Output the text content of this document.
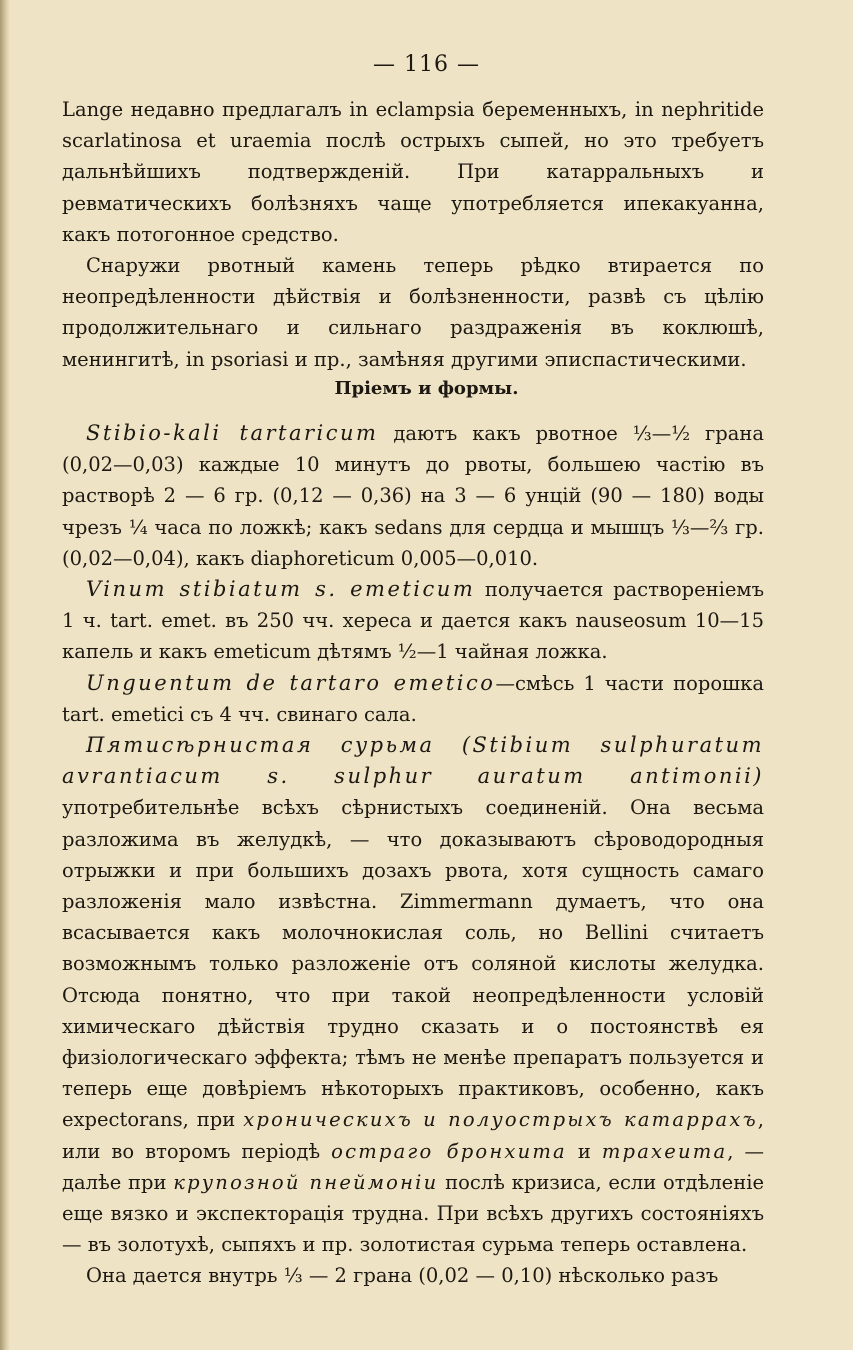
— 116 —

Lange недавно предлагалъ in eclampsia беременныхъ, in nephritide scarlatinosa et uraemia послѣ острыхъ сыпей, но это требуетъ дальнѣйшихъ подтвержденій. При катарральныхъ и ревматическихъ болѣзняхъ чаще употребляется ипекакуанна, какъ потогонное средство.

Снаружи рвотный камень теперь рѣдко втирается по неопредѣленности дѣйствія и болѣзненности, развѣ съ цѣлію продолжительнаго и сильнаго раздраженія въ коклюшѣ, менингитѣ, in psoriasi и пр., замѣняя другими эписпастическими.

Пріемъ и формы.

Stibio-kali tartaricum даютъ какъ рвотное ⅓—½ грана (0,02—0,03) каждые 10 минутъ до рвоты, большею частію въ растворѣ 2 — 6 гр. (0,12 — 0,36) на 3 — 6 унцій (90 — 180) воды чрезъ ¼ часа по ложкѣ; какъ sedans для сердца и мышцъ ⅓—⅔ гр. (0,02—0,04), какъ diaphoreticum 0,005—0,010.

Vinum stibiatum s. emeticum получается раствореніемъ 1 ч. tart. emet. въ 250 чч. хереса и дается какъ nauseosum 10—15 капель и какъ emeticum дѣтямъ ½—1 чайная ложка.

Unguentum de tartaro emetico—смѣсь 1 части порошка tart. emetici съ 4 чч. свинаго сала.

Пятисѣрнистая сурьма (Stibium sulphuratum avrantiacum s. sulphur auratum antimonii) употребительнѣе всѣхъ сѣрнистыхъ соединеній. Она весьма разложима въ желудкѣ, — что доказываютъ сѣроводородныя отрыжки и при большихъ дозахъ рвота, хотя сущность самаго разложенія мало извѣстна. Zimmermann думаетъ, что она всасывается какъ молочнокислая соль, но Bellini считаетъ возможнымъ только разложеніе отъ соляной кислоты желудка. Отсюда понятно, что при такой неопредѣленности условій химическаго дѣйствія трудно сказать и о постоянствѣ ея физіологическаго эффекта; тѣмъ не менѣе препаратъ пользуется и теперь еще довѣріемъ нѣкоторыхъ практиковъ, особенно, какъ expectorans, при хроническихъ и полуострыхъ катаррахъ, или во второмъ періодѣ остраго бронхита и трахеита, — далѣе при крупозной пнеймоніи послѣ кризиса, если отдѣленіе еще вязко и экспекторація трудна. При всѣхъ другихъ состояніяхъ — въ золотухѣ, сыпяхъ и пр. золотистая сурьма теперь оставлена.

Она дается внутрь ⅓ — 2 грана (0,02 — 0,10) нѣсколько разъ
